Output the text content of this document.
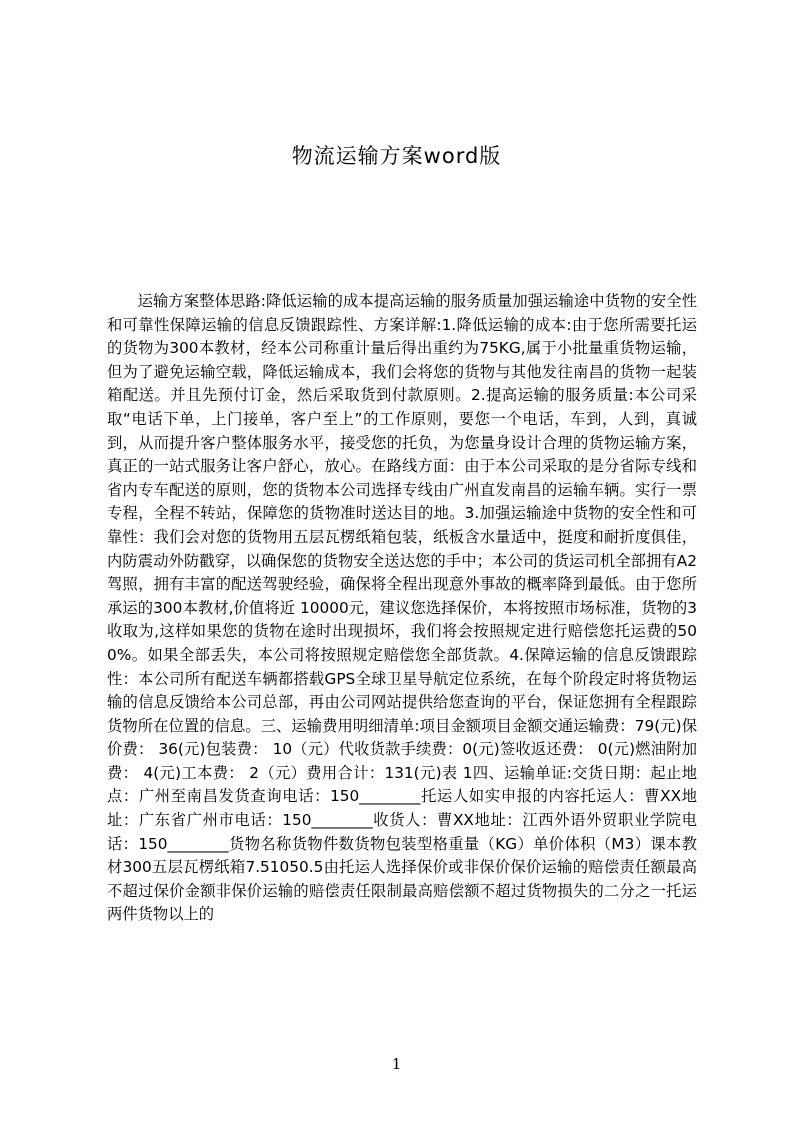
物流运输方案word版

运输方案整体思路:降低运输的成本提高运输的服务质量加强运输途中货物的安全性和可靠性保障运输的信息反馈跟踪性、方案详解:1.降低运输的成本:由于您所需要托运的货物为300本教材，经本公司称重计量后得出重约为75KG,属于小批量重货物运输，但为了避免运输空载，降低运输成本，我们会将您的货物与其他发往南昌的货物一起装箱配送。并且先预付订金，然后采取货到付款原则。2.提高运输的服务质量:本公司采取“电话下单，上门接单，客户至上”的工作原则，要您一个电话，车到，人到，真诚到，从而提升客户整体服务水平，接受您的托负，为您量身设计合理的货物运输方案，真正的一站式服务让客户舒心，放心。在路线方面：由于本公司采取的是分省际专线和省内专车配送的原则，您的货物本公司选择专线由广州直发南昌的运输车辆。实行一票专程，全程不转站，保障您的货物准时送达目的地。3.加强运输途中货物的安全性和可靠性：我们会对您的货物用五层瓦楞纸箱包装，纸板含水量适中，挺度和耐折度俱佳，内防震动外防戳穿，以确保您的货物安全送达您的手中；本公司的货运司机全部拥有A2驾照，拥有丰富的配送驾驶经验，确保将全程出现意外事故的概率降到最低。由于您所承运的300本教材,价值将近 10000元，建议您选择保价，本将按照市场标准，货物的3收取为,这样如果您的货物在途时出现损坏，我们将会按照规定进行赔偿您托运费的500%。如果全部丢失，本公司将按照规定赔偿您全部货款。4.保障运输的信息反馈跟踪性：本公司所有配送车辆都搭载GPS全球卫星导航定位系统，在每个阶段定时将货物运输的信息反馈给本公司总部，再由公司网站提供给您查询的平台，保证您拥有全程跟踪货物所在位置的信息。三、运输费用明细清单:项目金额项目金额交通运输费：79(元)保价费： 36(元)包装费： 10（元）代收货款手续费：0(元)签收返还费： 0(元)燃油附加费： 4(元)工本费： 2（元）费用合计：131(元)表 1四、运输单证:交货日期：起止地点：广州至南昌发货查询电话：150________托运人如实申报的内容托运人：曹XX地址：广东省广州市电话：150________收货人：曹XX地址：江西外语外贸职业学院电话：150________货物名称货物件数货物包装型格重量（KG）单价体积（M3）课本教材300五层瓦楞纸箱7.51050.5由托运人选择保价或非保价保价运输的赔偿责任额最高不超过保价金额非保价运输的赔偿责任限制最高赔偿额不超过货物损失的二分之一托运两件货物以上的

1
